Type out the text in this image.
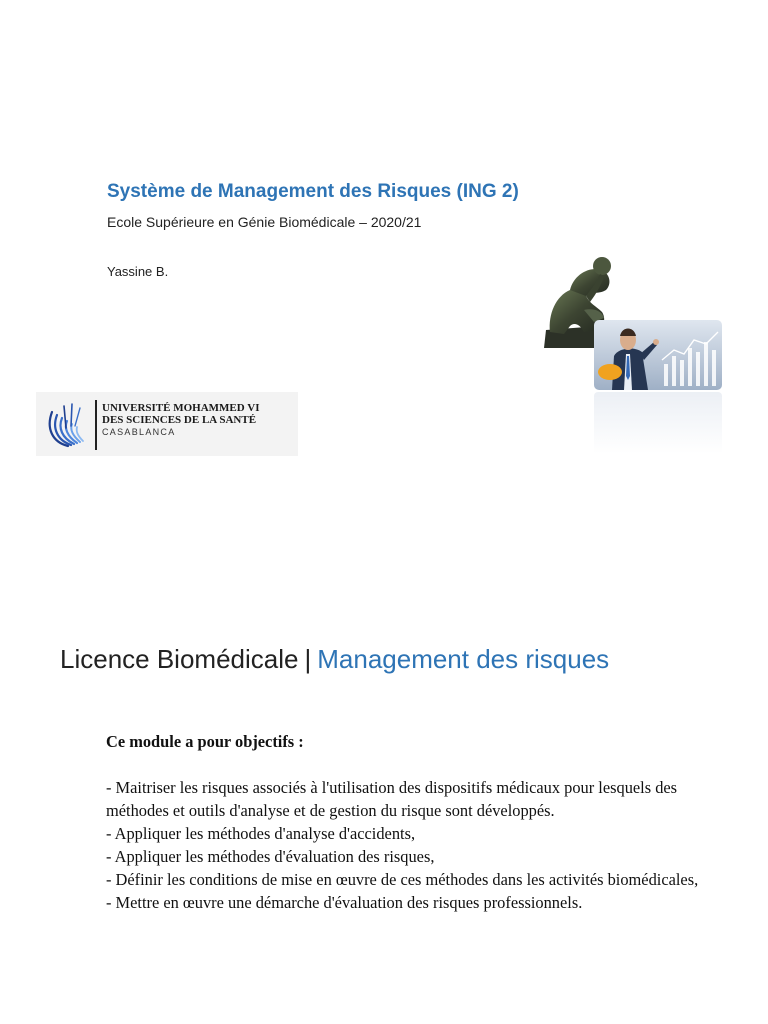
Système de Management des Risques (ING 2)
Ecole Supérieure en Génie Biomédicale – 2020/21
Yassine B.
UNIVERSITÉ MOHAMMED VI
DES SCIENCES DE LA SANTÉ
CASABLANCA
Licence Biomédicale | Management des risques

Ce module a pour objectifs :

- Maitriser les risques associés à l'utilisation des dispositifs médicaux pour lesquels des méthodes et outils d'analyse et de gestion du risque sont développés.

- Appliquer les méthodes d'analyse d'accidents,

- Appliquer les méthodes d'évaluation des risques,

- Définir les conditions de mise en œuvre de ces méthodes dans les activités biomédicales,

- Mettre en œuvre une démarche d'évaluation des risques professionnels.
